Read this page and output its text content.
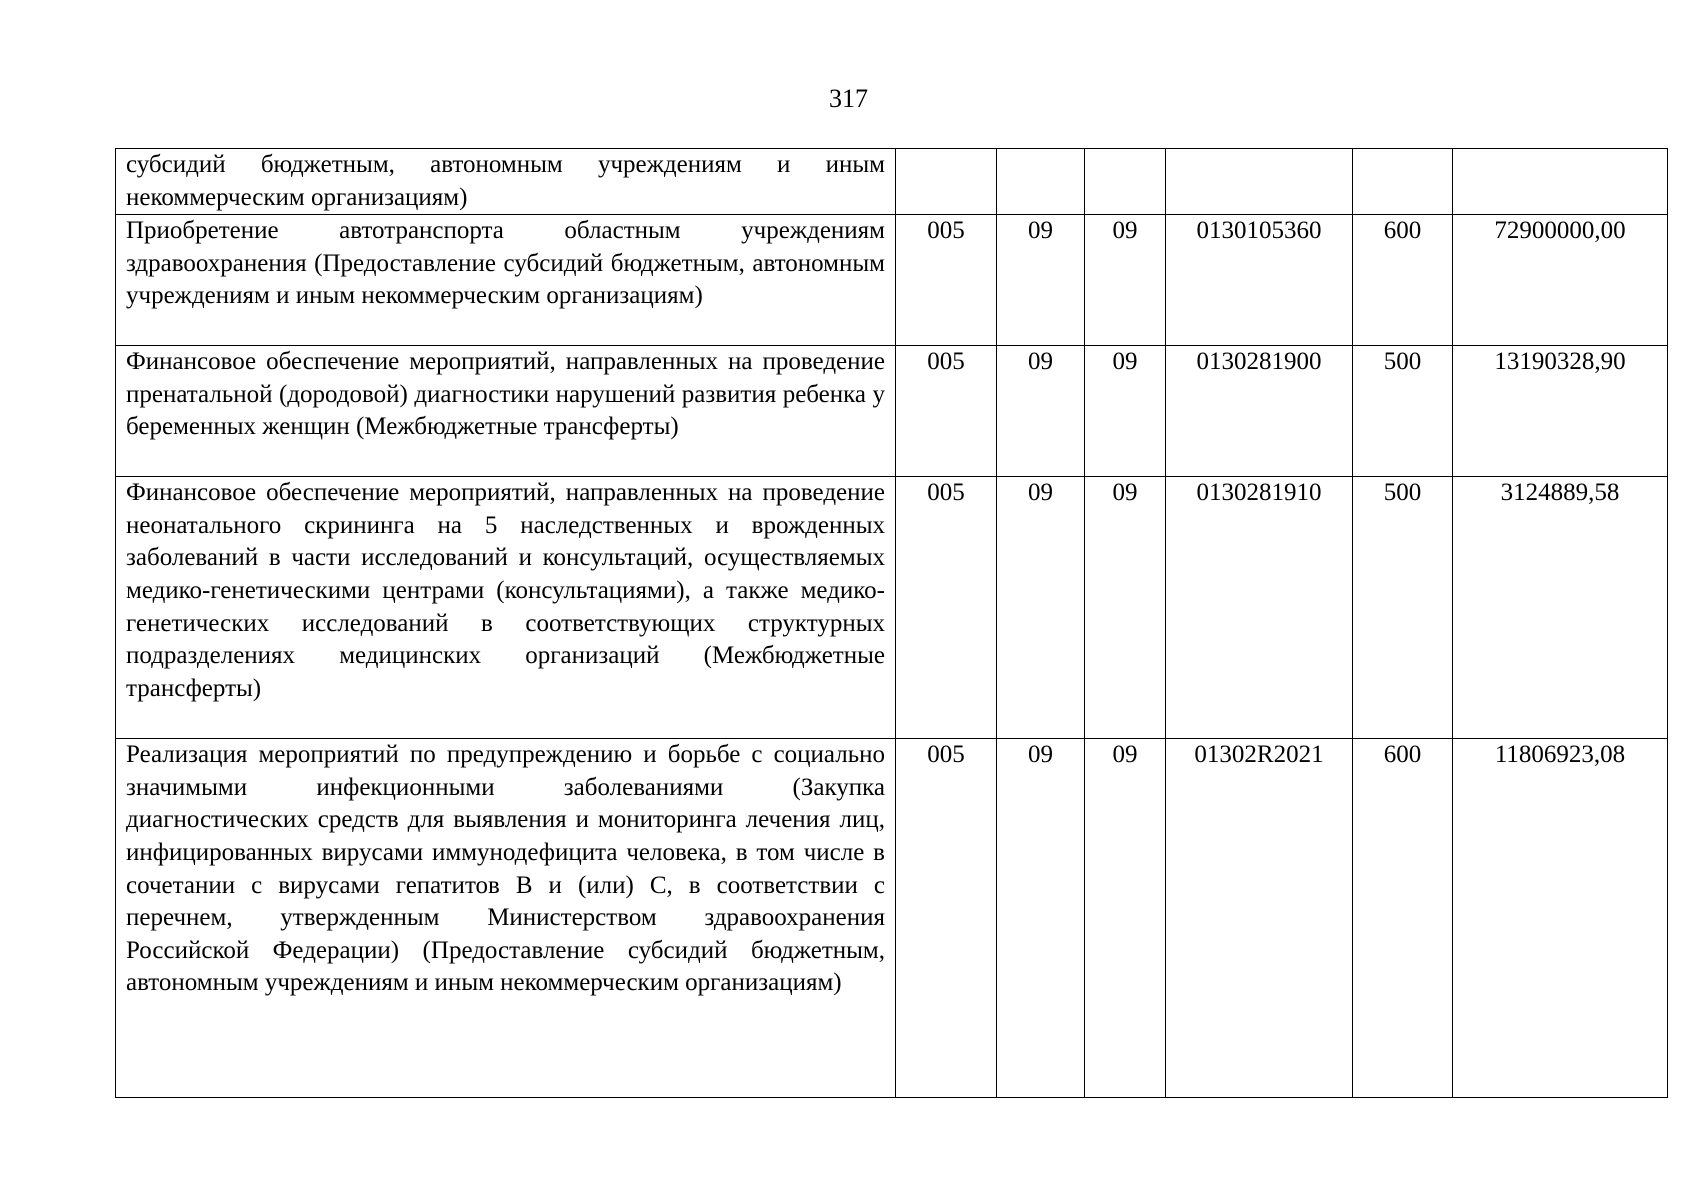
317
субсидий бюджетным, автономным учреждениям и иным некоммерческим организациям)						
Приобретение автотранспорта областным учреждениям здравоохранения (Предоставление субсидий бюджетным, автономным учреждениям и иным некоммерческим организациям)	005	09	09	0130105360	600	72900000,00
Финансовое обеспечение мероприятий, направленных на проведение пренатальной (дородовой) диагностики нарушений развития ребенка у беременных женщин (Межбюджетные трансферты)	005	09	09	0130281900	500	13190328,90
Финансовое обеспечение мероприятий, направленных на проведение неонатального скрининга на 5 наследственных и врожденных заболеваний в части исследований и консультаций, осуществляемых медико-генетическими центрами (консультациями), а также медико-генетических исследований в соответствующих структурных подразделениях медицинских организаций (Межбюджетные трансферты)	005	09	09	0130281910	500	3124889,58
Реализация мероприятий по предупреждению и борьбе с социально значимыми инфекционными заболеваниями (Закупка диагностических средств для выявления и мониторинга лечения лиц, инфицированных вирусами иммунодефицита человека, в том числе в сочетании с вирусами гепатитов B и (или) C, в соответствии с перечнем, утвержденным Министерством здравоохранения Российской Федерации) (Предоставление субсидий бюджетным, автономным учреждениям и иным некоммерческим организациям)	005	09	09	01302R2021	600	11806923,08
